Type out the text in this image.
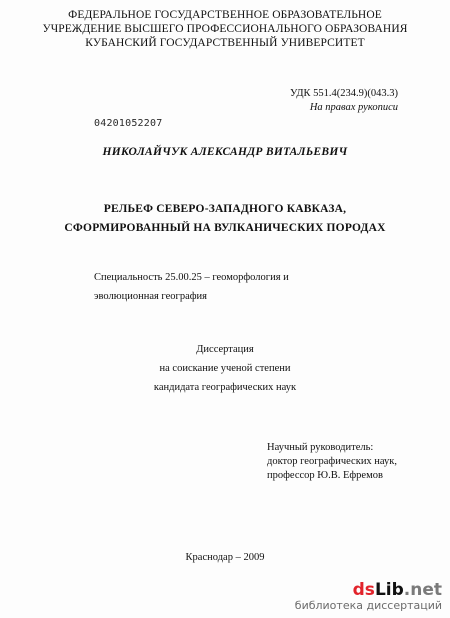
ФЕДЕРАЛЬНОЕ ГОСУДАРСТВЕННОЕ ОБРАЗОВАТЕЛЬНОЕ
УЧРЕЖДЕНИЕ ВЫСШЕГО ПРОФЕССИОНАЛЬНОГО ОБРАЗОВАНИЯ
КУБАНСКИЙ ГОСУДАРСТВЕННЫЙ УНИВЕРСИТЕТ
УДК 551.4(234.9)(043.3)
На правах рукописи
04201052207
НИКОЛАЙЧУК АЛЕКСАНДР ВИТАЛЬЕВИЧ
РЕЛЬЕФ СЕВЕРО-ЗАПАДНОГО КАВКАЗА,
СФОРМИРОВАННЫЙ НА ВУЛКАНИЧЕСКИХ ПОРОДАХ
Специальность 25.00.25 – геоморфология и
эволюционная география
Диссертация
на соискание ученой степени
кандидата географических наук
Научный руководитель:
доктор географических наук,
профессор Ю.В. Ефремов
Краснодар – 2009
dsLib.net
библиотека диссертаций
